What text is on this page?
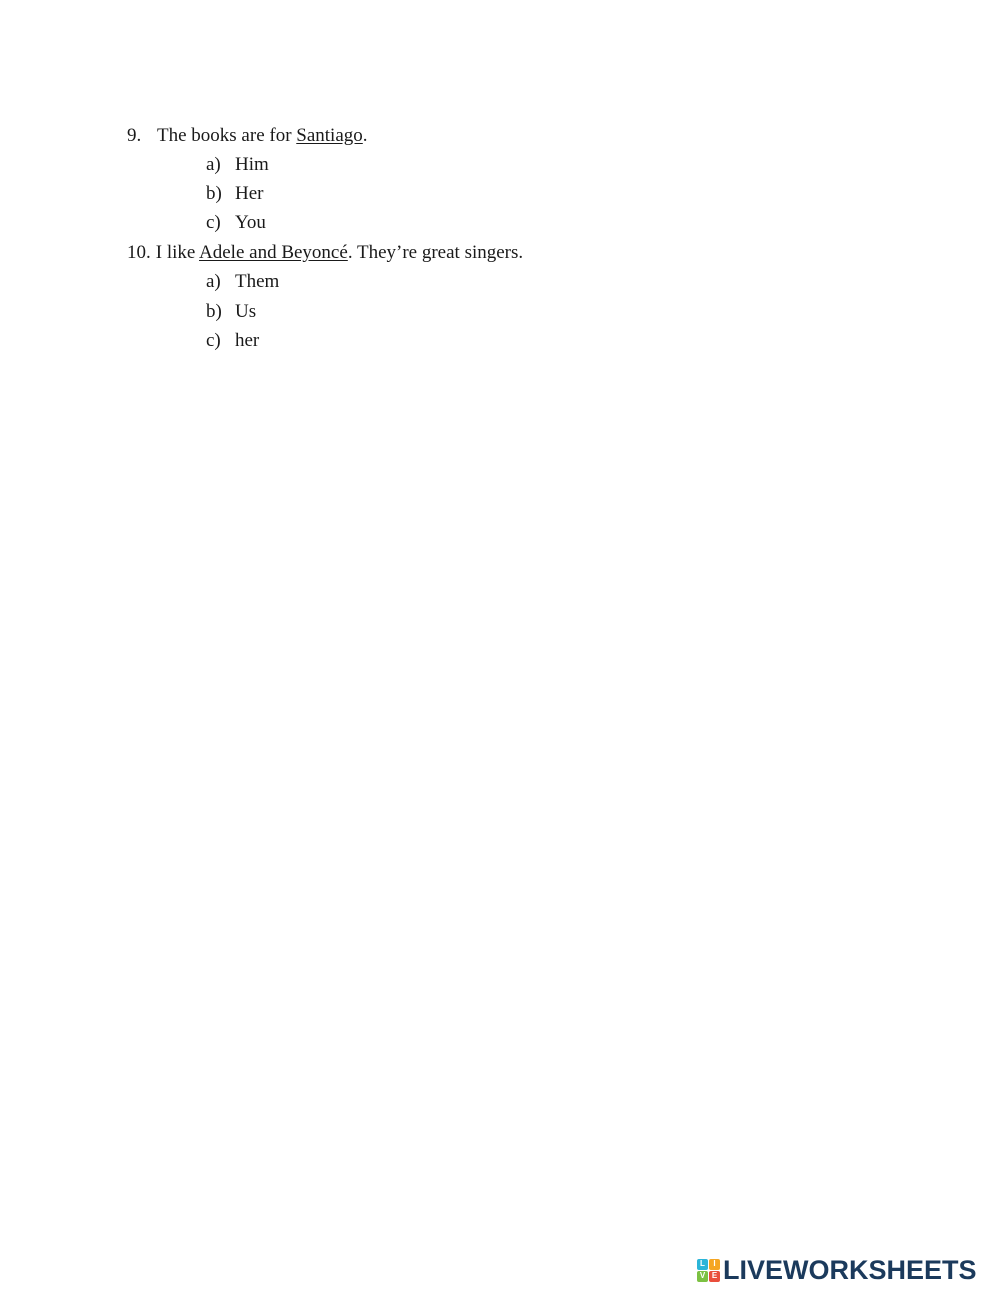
9. The books are for Santiago.
a) Him
b) Her
c) You
10. I like Adele and Beyoncé. They’re great singers.
a) Them
b) Us
c) her
L	I
V E LIVEWORKSHEETS
